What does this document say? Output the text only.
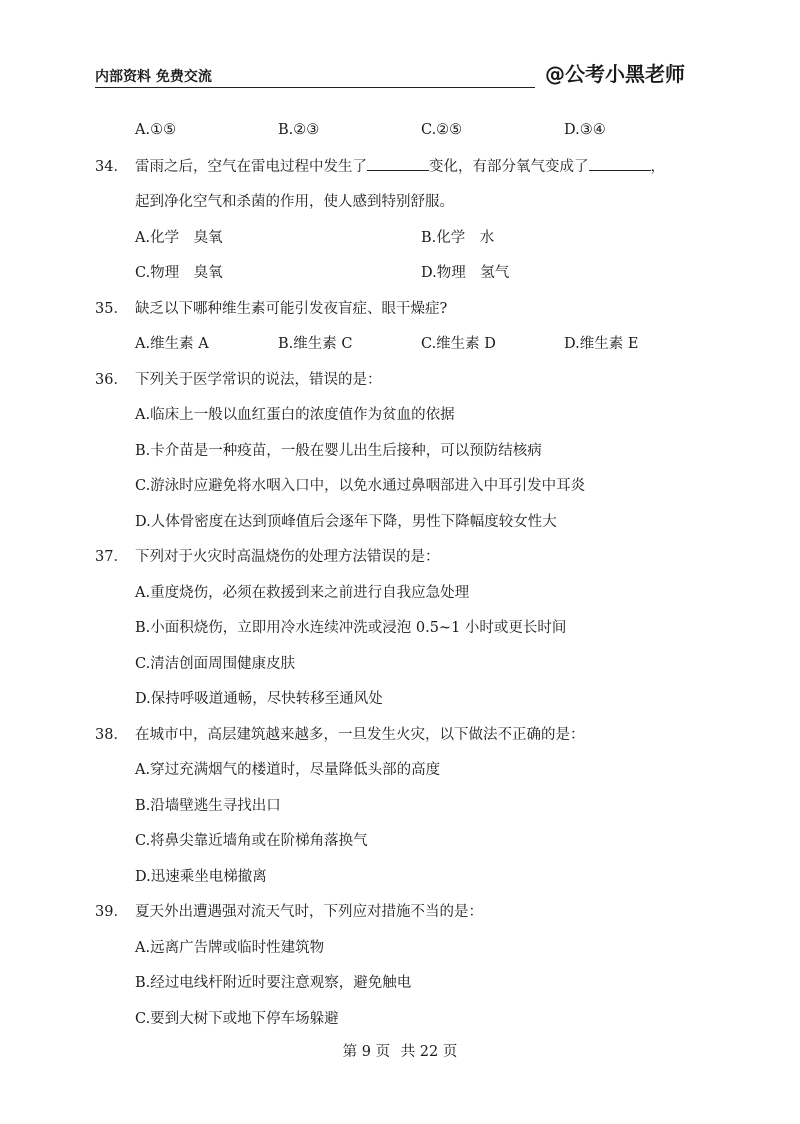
内部资料 免费交流	@公考小黑老师
A.①⑤	B.②③	C.②⑤	D.③④
34． 雷雨之后，空气在雷电过程中发生了	变化，有部分氧气变成了	，
起到净化空气和杀菌的作用，使人感到特别舒服。
A.化学　臭氧	B.化学　水
C.物理　臭氧	D.物理　氢气
35． 缺乏以下哪种维生素可能引发夜盲症、眼干燥症?
A.维生素 A	B.维生素 C	C.维生素 D	D.维生素 E
36． 下列关于医学常识的说法，错误的是：
A.临床上一般以血红蛋白的浓度值作为贫血的依据
B.卡介苗是一种疫苗，一般在婴儿出生后接种，可以预防结核病
C.游泳时应避免将水咽入口中，以免水通过鼻咽部进入中耳引发中耳炎
D.人体骨密度在达到顶峰值后会逐年下降，男性下降幅度较女性大
37． 下列对于火灾时高温烧伤的处理方法错误的是：
A.重度烧伤，必须在救援到来之前进行自我应急处理
B.小面积烧伤，立即用冷水连续冲洗或浸泡 0.5~1 小时或更长时间
C.清洁创面周围健康皮肤
D.保持呼吸道通畅，尽快转移至通风处
38． 在城市中，高层建筑越来越多，一旦发生火灾，以下做法不正确的是：
A.穿过充满烟气的楼道时，尽量降低头部的高度
B.沿墙壁逃生寻找出口
C.将鼻尖靠近墙角或在阶梯角落换气
D.迅速乘坐电梯撤离
39． 夏天外出遭遇强对流天气时，下列应对措施不当的是：
A.远离广告牌或临时性建筑物
B.经过电线杆附近时要注意观察，避免触电
C.要到大树下或地下停车场躲避
第 9 页 共 22 页
